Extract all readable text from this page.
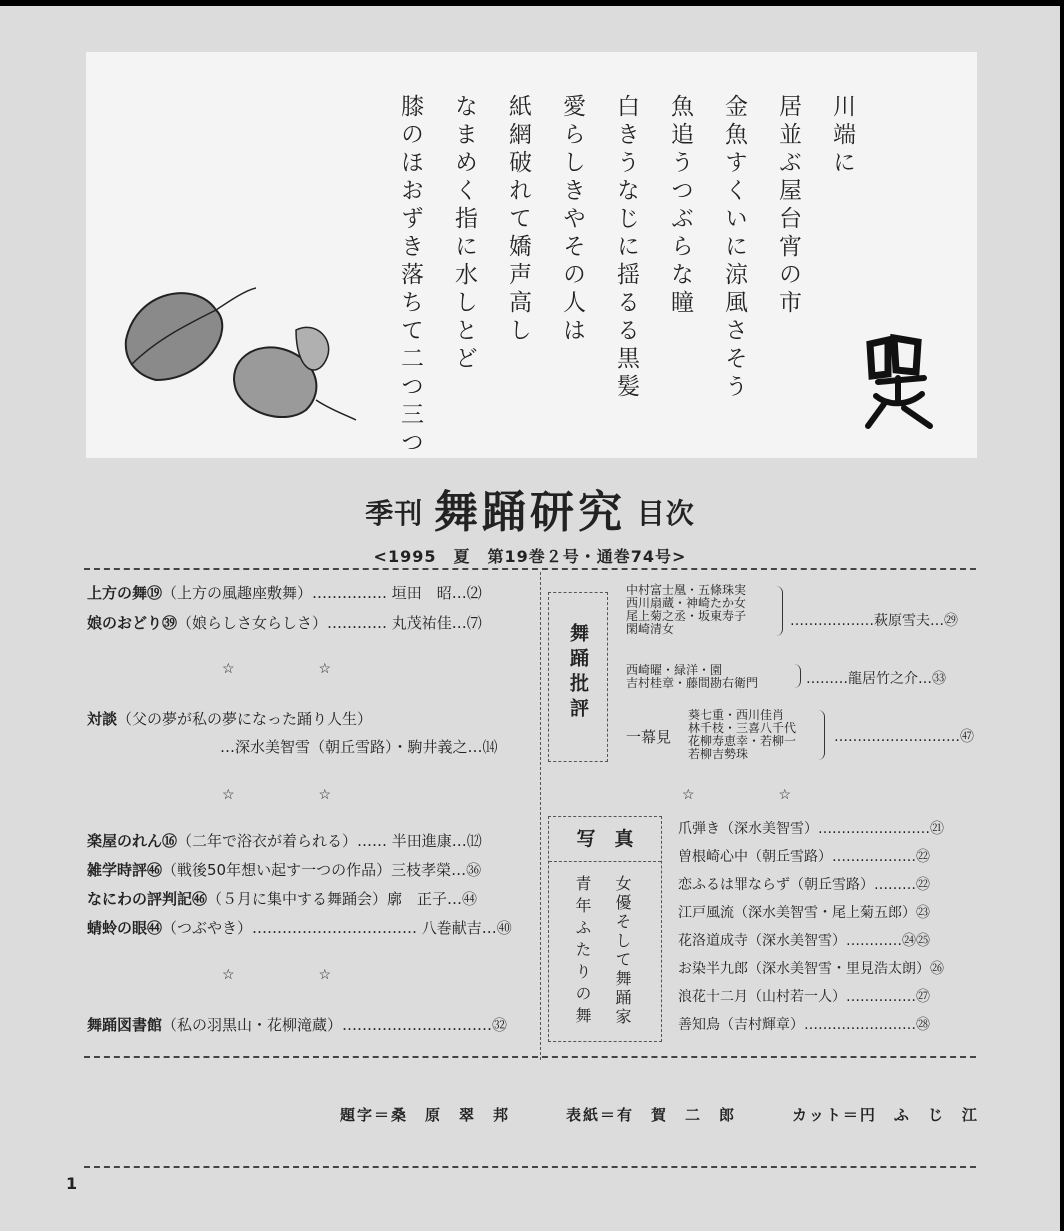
川端に
居並ぶ屋台宵の市
金魚すくいに涼風さそう
魚追うつぶらな瞳
白きうなじに揺るる黒髪
愛らしきやその人は
紙網破れて嬌声高し
なまめく指に水しとど
膝のほおずき落ちて二つ三つ
季刊 舞踊研究 目次
<1995　夏　第19巻２号・通巻74号>
上方の舞⑲（上方の風趣座敷舞）…………… 垣田　昭…⑵
娘のおどり㊴（娘らしさ女らしさ）………… 丸茂祐佳…⑺
☆　　　　　　☆
対談（父の夢が私の夢になった踊り人生）
…深水美智雪（朝丘雪路）・駒井義之…⒁
☆　　　　　　☆
楽屋のれん⑯（二年で浴衣が着られる）…… 半田進康…⑿
雑学時評㊻（戦後50年想い起す一つの作品）三枝孝榮…㊱
なにわの評判記㊻（５月に集中する舞踊会）廓　正子…㊹
蜻蛉の眼㊹（つぶやき）…………………………… 八巻献吉…㊵
☆　　　　　　☆
舞踊図書館（私の羽黒山・花柳滝蔵）…………………………㉜
舞踊批評
中村富士凰・五條珠実
西川扇蔵・神崎たか女
尾上菊之丞・坂東寿子
閑崎清女	………………萩原雪夫…㉙
西崎曜・緑洋・園
吉村桂章・藤間勘右衛門	………龍居竹之介…㉝
一幕見
葵七重・西川佳肖
林千枝・三喜八千代
花柳寿恵幸・若柳一
若柳吉勢珠
………………………㊼
☆　　　　　　☆
写　真
女優そして舞踊家
青年ふたりの舞
爪弾き（深水美智雪）……………………㉑
曽根崎心中（朝丘雪路）………………㉒
恋ふるは罪ならず（朝丘雪路）………㉒
江戸風流（深水美智雪・尾上菊五郎）㉓
花洛道成寺（深水美智雪）…………㉔㉕
お染半九郎（深水美智雪・里見浩太朗）㉖
浪花十二月（山村若一人）……………㉗
善知鳥（吉村輝章）……………………㉘
題字＝桑　原　翠　邦	表紙＝有　賀　二　郎	カット＝円　ふ　じ　江
1
